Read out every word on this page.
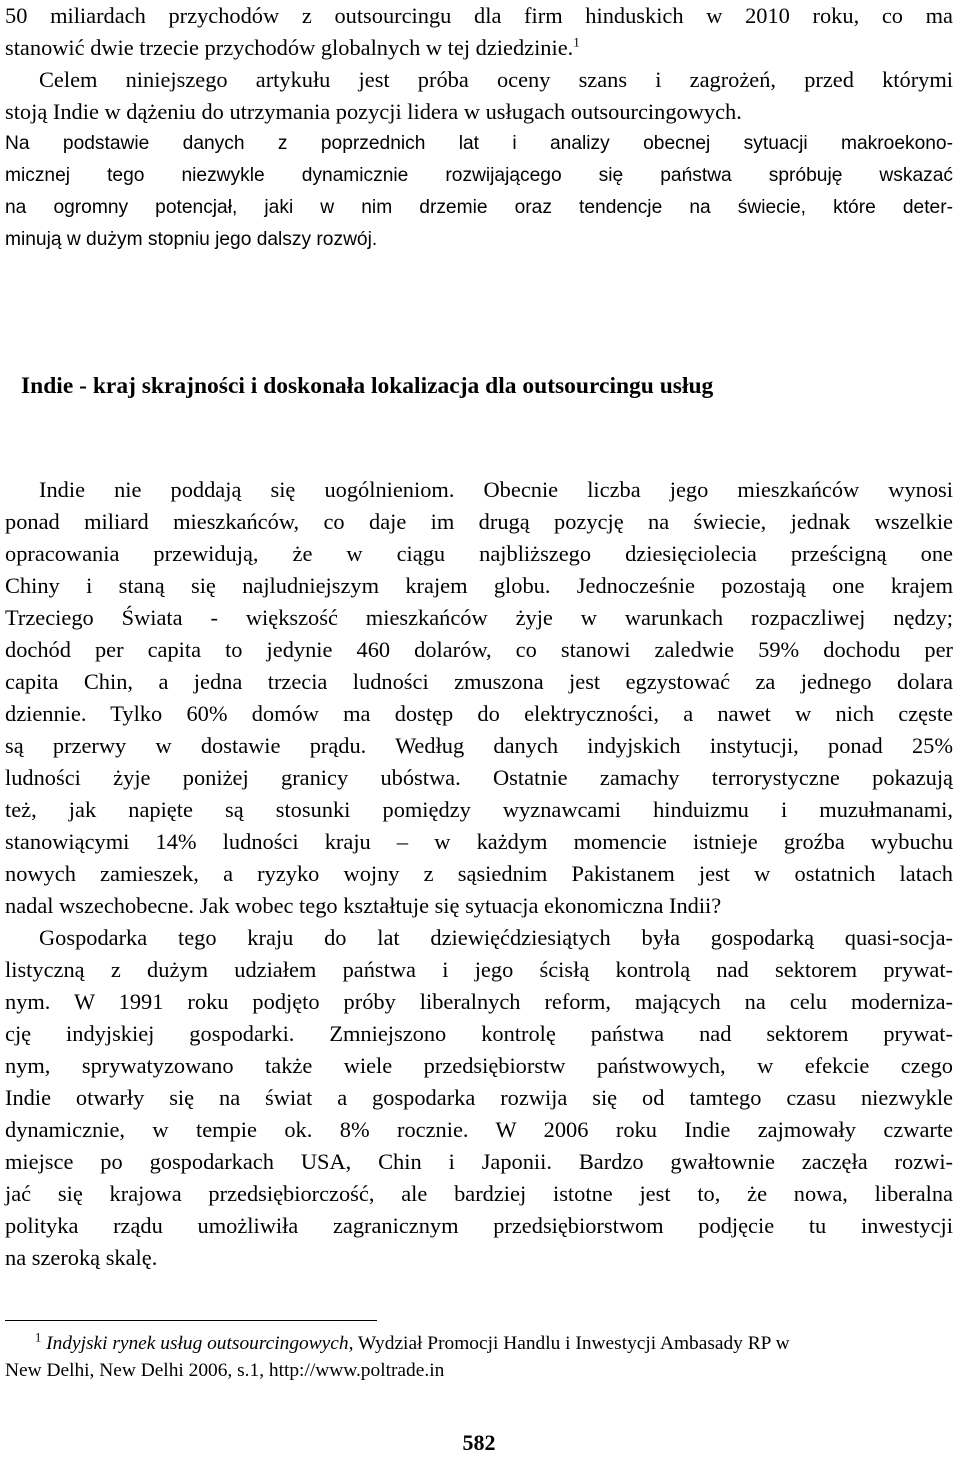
50 miliardach przychodów z outsourcingu dla firm hinduskich w 2010 roku, co ma
stanowić dwie trzecie przychodów globalnych w tej dziedzinie.$^1$
Celem niniejszego artykułu jest próba oceny szans i zagrożeń, przed którymi
stoją Indie w dążeniu do utrzymania pozycji lidera w usługach outsourcingowych.
Na podstawie danych z poprzednich lat i analizy obecnej sytuacji makroekono-
micznej tego niezwykle dynamicznie rozwijającego się państwa spróbuję wskazać
na ogromny potencjał, jaki w nim drzemie oraz tendencje na świecie, które deter-
minują w dużym stopniu jego dalszy rozwój.
Indie - kraj skrajności i doskonała lokalizacja dla outsourcingu usług
Indie nie poddają się uogólnieniom. Obecnie liczba jego mieszkańców wynosi
ponad miliard mieszkańców, co daje im drugą pozycję na świecie, jednak wszelkie
opracowania przewidują, że w ciągu najbliższego dziesięciolecia prześcigną one
Chiny i staną się najludniejszym krajem globu. Jednocześnie pozostają one krajem
Trzeciego Świata - większość mieszkańców żyje w warunkach rozpaczliwej nędzy;
dochód per capita to jedynie 460 dolarów, co stanowi zaledwie 59% dochodu per
capita Chin, a jedna trzecia ludności zmuszona jest egzystować za jednego dolara
dziennie. Tylko 60% domów ma dostęp do elektryczności, a nawet w nich częste
są przerwy w dostawie prądu. Według danych indyjskich instytucji, ponad 25%
ludności żyje poniżej granicy ubóstwa. Ostatnie zamachy terrorystyczne pokazują
też, jak napięte są stosunki pomiędzy wyznawcami hinduizmu i muzułmanami,
stanowiącymi 14% ludności kraju – w każdym momencie istnieje groźba wybuchu
nowych zamieszek, a ryzyko wojny z sąsiednim Pakistanem jest w ostatnich latach
nadal wszechobecne. Jak wobec tego kształtuje się sytuacja ekonomiczna Indii?
Gospodarka tego kraju do lat dziewięćdziesiątych była gospodarką quasi-socja-
listyczną z dużym udziałem państwa i jego ścisłą kontrolą nad sektorem prywat-
nym. W 1991 roku podjęto próby liberalnych reform, mających na celu modernizа-
cję indyjskiej gospodarki. Zmniejszono kontrolę państwa nad sektorem prywat-
nym, sprywatyzowano także wiele przedsiębiorstw państwowych, w efekcie czego
Indie otwarły się na świat a gospodarka rozwija się od tamtego czasu niezwykle
dynamicznie, w tempie ok. 8% rocznie. W 2006 roku Indie zajmowały czwarte
miejsce po gospodarkach USA, Chin i Japonii. Bardzo gwałtownie zaczęła rozwi-
jać się krajowa przedsiębiorczość, ale bardziej istotne jest to, że nowa, liberalna
polityka rządu umożliwiła zagranicznym przedsiębiorstwom podjęcie tu inwestycji
na szeroką skalę.
$^1$ Indyjski rynek usług outsourcingowych, Wydział Promocji Handlu i Inwestycji Ambasady RP w
New Delhi, New Delhi 2006, s.1, http://www.poltrade.in
582
